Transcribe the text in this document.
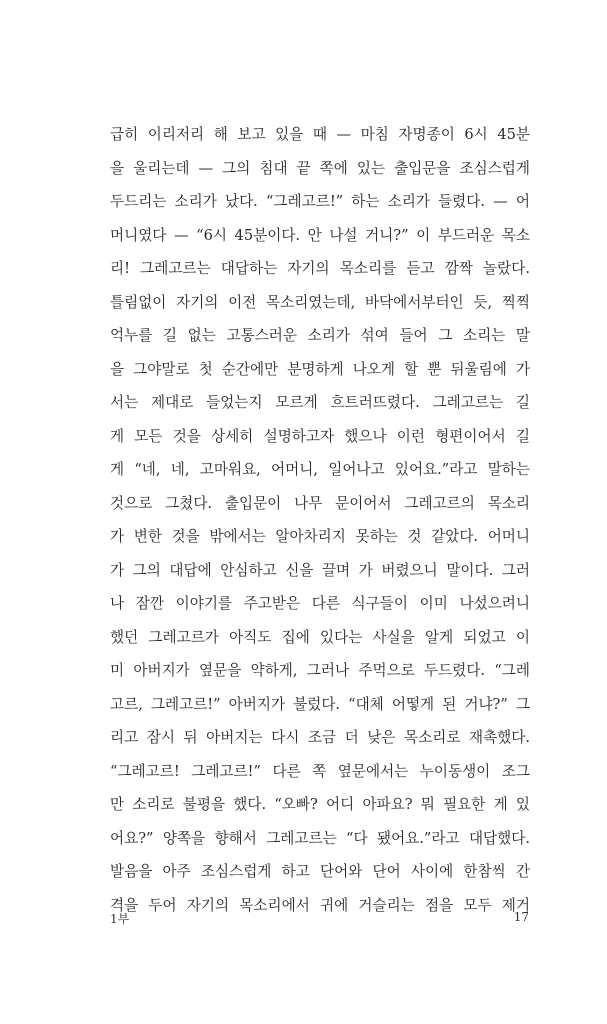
급히 이리저리 해 보고 있을 때 — 마침 자명종이 6시 45분
을 울리는데 — 그의 침대 끝 쪽에 있는 출입문을 조심스럽게
두드리는 소리가 났다. “그레고르!” 하는 소리가 들렸다. — 어
머니였다 — “6시 45분이다. 안 나설 거니?” 이 부드러운 목소
리! 그레고르는 대답하는 자기의 목소리를 듣고 깜짝 놀랐다.
틀림없이 자기의 이전 목소리였는데, 바닥에서부터인 듯, 찍찍
억누를 길 없는 고통스러운 소리가 섞여 들어 그 소리는 말
을 그야말로 첫 순간에만 분명하게 나오게 할 뿐 뒤울림에 가
서는 제대로 들었는지 모르게 흐트러뜨렸다. 그레고르는 길
게 모든 것을 상세히 설명하고자 했으나 이런 형편이어서 길
게 “네, 네, 고마워요, 어머니, 일어나고 있어요.”라고 말하는
것으로 그쳤다. 출입문이 나무 문이어서 그레고르의 목소리
가 변한 것을 밖에서는 알아차리지 못하는 것 같았다. 어머니
가 그의 대답에 안심하고 신을 끌며 가 버렸으니 말이다. 그러
나 잠깐 이야기를 주고받은 다른 식구들이 이미 나섰으려니
했던 그레고르가 아직도 집에 있다는 사실을 알게 되었고 이
미 아버지가 옆문을 약하게, 그러나 주먹으로 두드렸다. “그레
고르, 그레고르!” 아버지가 불렀다. “대체 어떻게 된 거냐?” 그
리고 잠시 뒤 아버지는 다시 조금 더 낮은 목소리로 재촉했다.
“그레고르! 그레고르!” 다른 쪽 옆문에서는 누이동생이 조그
만 소리로 불평을 했다. “오빠? 어디 아파요? 뭐 필요한 게 있
어요?” 양쪽을 향해서 그레고르는 “다 됐어요.”라고 대답했다.
발음을 아주 조심스럽게 하고 단어와 단어 사이에 한참씩 간
격을 두어 자기의 목소리에서 귀에 거슬리는 점을 모두 제거
1부	17
